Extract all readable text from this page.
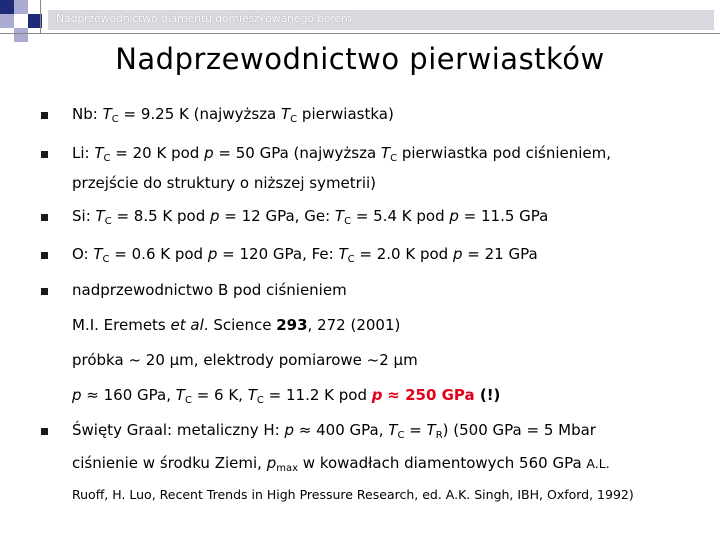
Nadprzewodnictwo diamentu domieszkowanego borem
Nadprzewodnictwo pierwiastków
Nb: $T_C = 9.25$ K (najwyższa $T_C$ pierwiastka)
Li: $T_C = 20$ K pod p = 50 GPa (najwyższa $T_C$ pierwiastka pod ciśnieniem,
przejście do struktury o niższej symetrii)
Si: $T_C = 8.5$ K pod p = 12 GPa, Ge: $T_C = 5.4$ K pod p = 11.5 GPa
O: $T_C = 0.6$ K pod p = 120 GPa, Fe: $T_C = 2.0$ K pod p = 21 GPa
nadprzewodnictwo B pod ciśnieniem
M.I. Eremets et al. Science 293, 272 (2001)
próbka ~ 20 μm, elektrody pomiarowe ~2 μm
p ≈ 160 GPa, $T_C = 6$ K, $T_C = 11.2$ K pod p ≈ 250 GPa (!)
Święty Graal: metaliczny H: p ≈ 400 GPa, $T_C = T_R$) (500 GPa = 5 Mbar
ciśnienie w środku Ziemi, $p_{max}$ w kowadłach diamentowych 560 GPa A.L.
Ruoff, H. Luo, Recent Trends in High Pressure Research, ed. A.K. Singh, IBH, Oxford, 1992)
